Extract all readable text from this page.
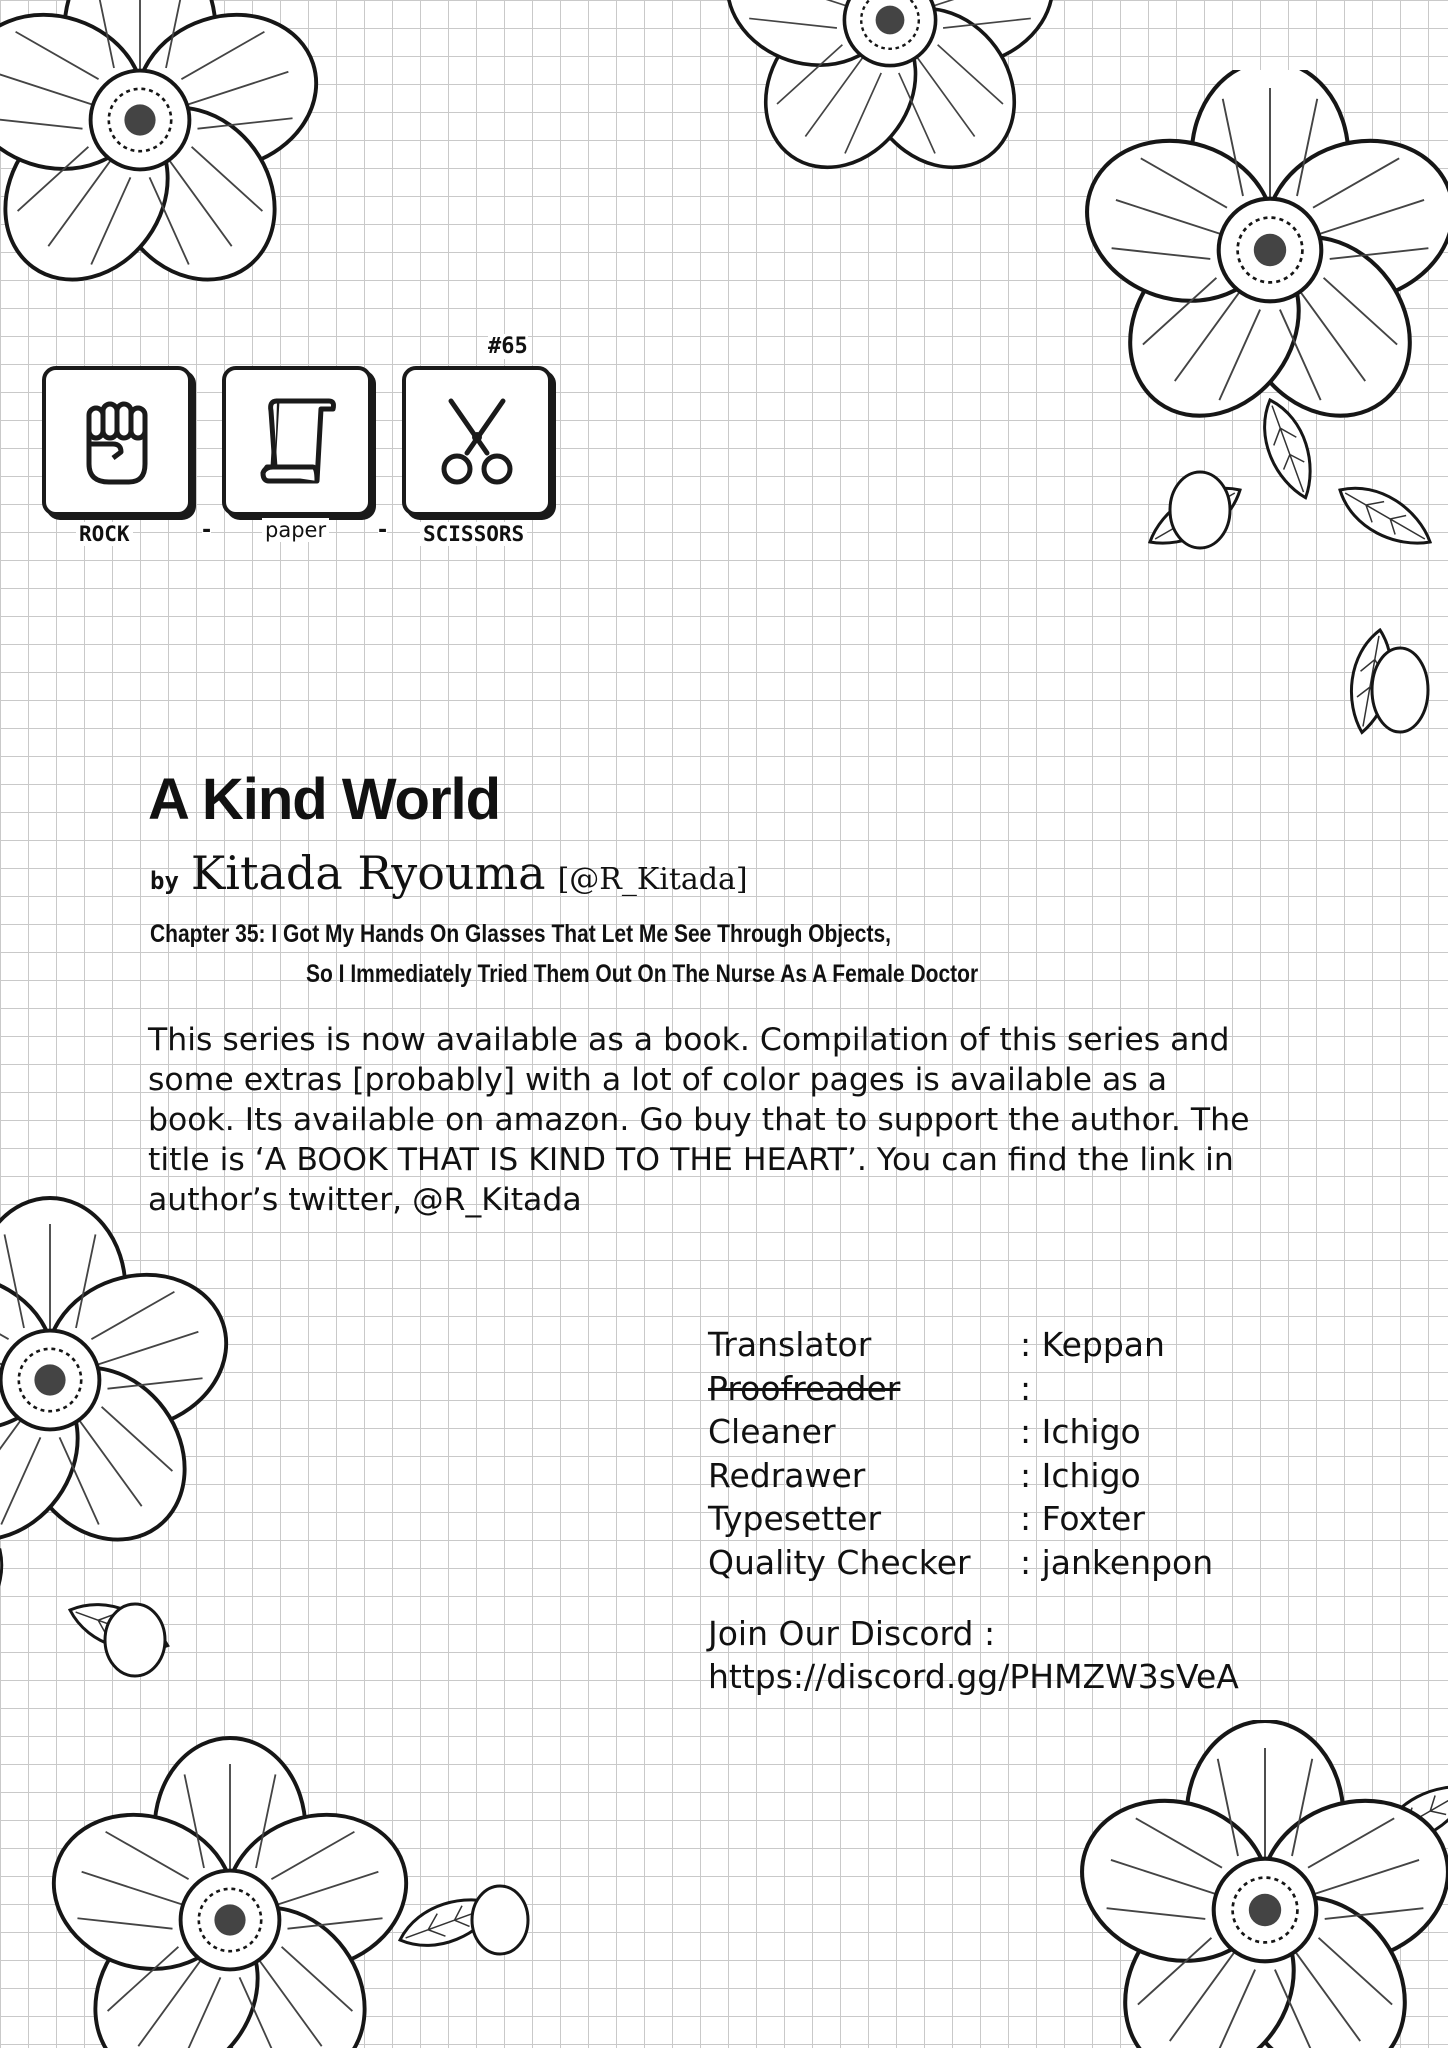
#65
ROCK	-	paper - SCISSORS
A Kind World
by Kitada Ryouma [@R_Kitada]
Chapter 35: I Got My Hands On Glasses That Let Me See Through Objects,
So I Immediately Tried Them Out On The Nurse As A Female Doctor

This series is now available as a book. Compilation of this series and some extras [probably] with a lot of color pages is available as a book. Its available on amazon. Go buy that to support the author. The title is ‘A BOOK THAT IS KIND TO THE HEART’. You can find the link in author’s twitter, @R_Kitada

Translator	: Keppan
Proofreader	:
Cleaner	: Ichigo
Redrawer	: Ichigo
Typesetter	: Foxter
Quality Checker	: jankenpon
Join Our Discord :
https://discord.gg/PHMZW3sVeA
